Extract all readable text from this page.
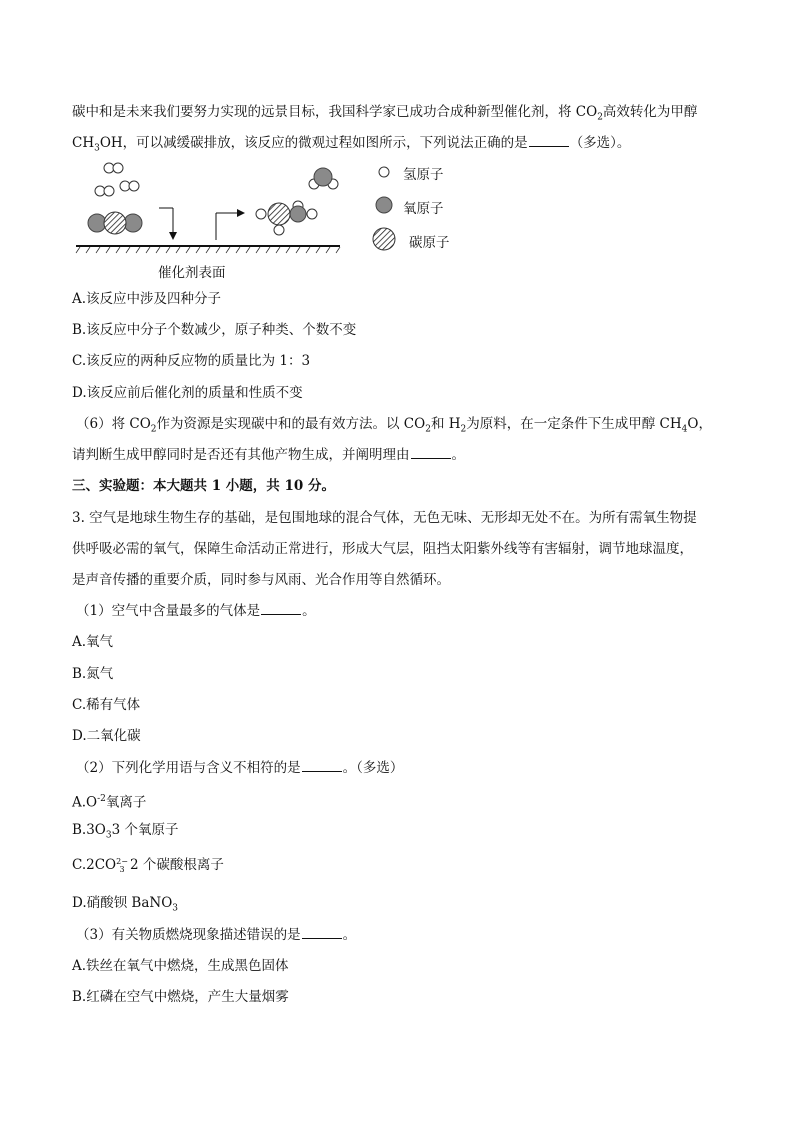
碳中和是未来我们要努力实现的远景目标，我国科学家已成功合成种新型催化剂，将 $CO_2$高效转化为甲醇
$CH_3OH$，可以减缓碳排放，该反应的微观过程如图所示，下列说法正确的是	（多选）。
氢原子
氧原子
碳原子
催化剂表面
A.该反应中涉及四种分子
B.该反应中分子个数减少，原子种类、个数不变
C.该反应的两种反应物的质量比为 1：3
D.该反应前后催化剂的质量和性质不变
（6）将 $CO_2$作为资源是实现碳中和的最有效方法。以 $CO_2$和 $H_2$为原料，在一定条件下生成甲醇 $CH_4O$，
请判断生成甲醇同时是否还有其他产物生成，并阐明理由	。
三、实验题：本大题共 1 小题，共 10 分。
3. 空气是地球生物生存的基础，是包围地球的混合气体，无色无味、无形却无处不在。为所有需氧生物提
供呼吸必需的氧气，保障生命活动正常进行，形成大气层，阻挡太阳紫外线等有害辐射，调节地球温度，
是声音传播的重要介质，同时参与风雨、光合作用等自然循环。
（1）空气中含量最多的气体是	。
A.氧气
B.氮气
C.稀有气体
D.二氧化碳
（2）下列化学用语与含义不相符的是	。（多选）
$A.O^{-2}$氧离子
$B.3O_33$ 个氧原子
C.2CO 2−
3 2 个碳酸根离子
D.硝酸钡 BaNO$_3$
（3）有关物质燃烧现象描述错误的是	。
A.铁丝在氧气中燃烧，生成黑色固体
B.红磷在空气中燃烧，产生大量烟雾
